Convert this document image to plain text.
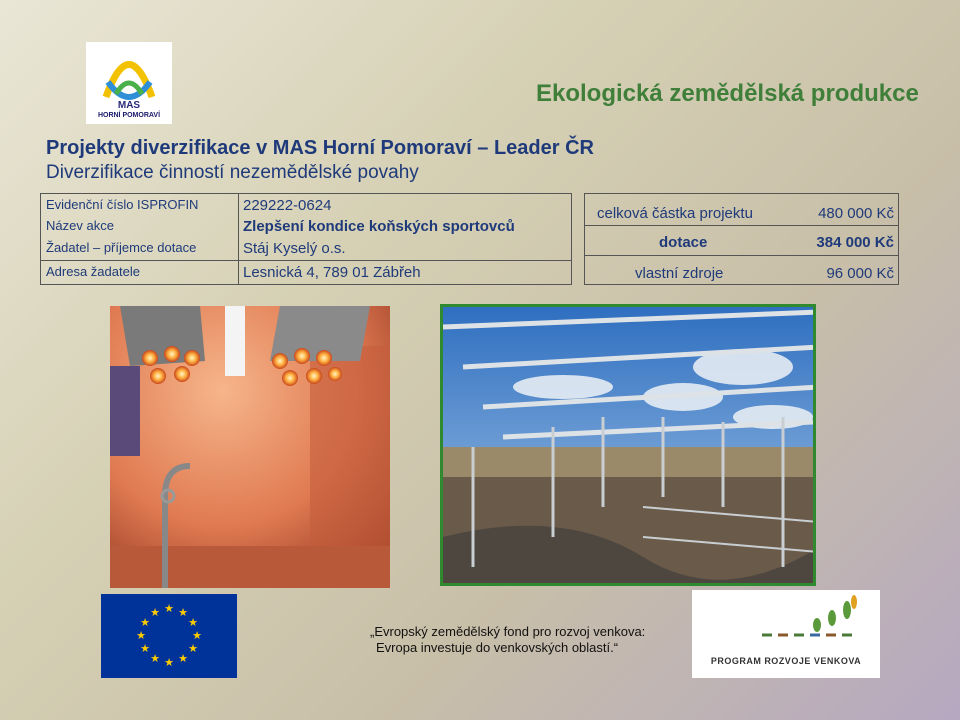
MAS
HORNÍ POMORAVÍ
Ekologická zemědělská produkce
Projekty diverzifikace v MAS Horní Pomoraví – Leader ČR
Diverzifikace činností nezemědělské povahy
Evidenční číslo ISPROFIN	229222-0624
Název akce	Zlepšení kondice koňských sportovců
Žadatel – příjemce dotace	Stáj Kyselý o.s.
Adresa žadatele	Lesnická 4, 789 01 Zábřeh
celková částka projektu	480 000 Kč
dotace	384 000 Kč
vlastní zdroje	96 000 Kč
★ ★
★
★
★
★
★
★
★
★
★
★
„Evropský zemědělský fond pro rozvoj venkova:
Evropa investuje do venkovských oblastí.“
PROGRAM ROZVOJE VENKOVA
